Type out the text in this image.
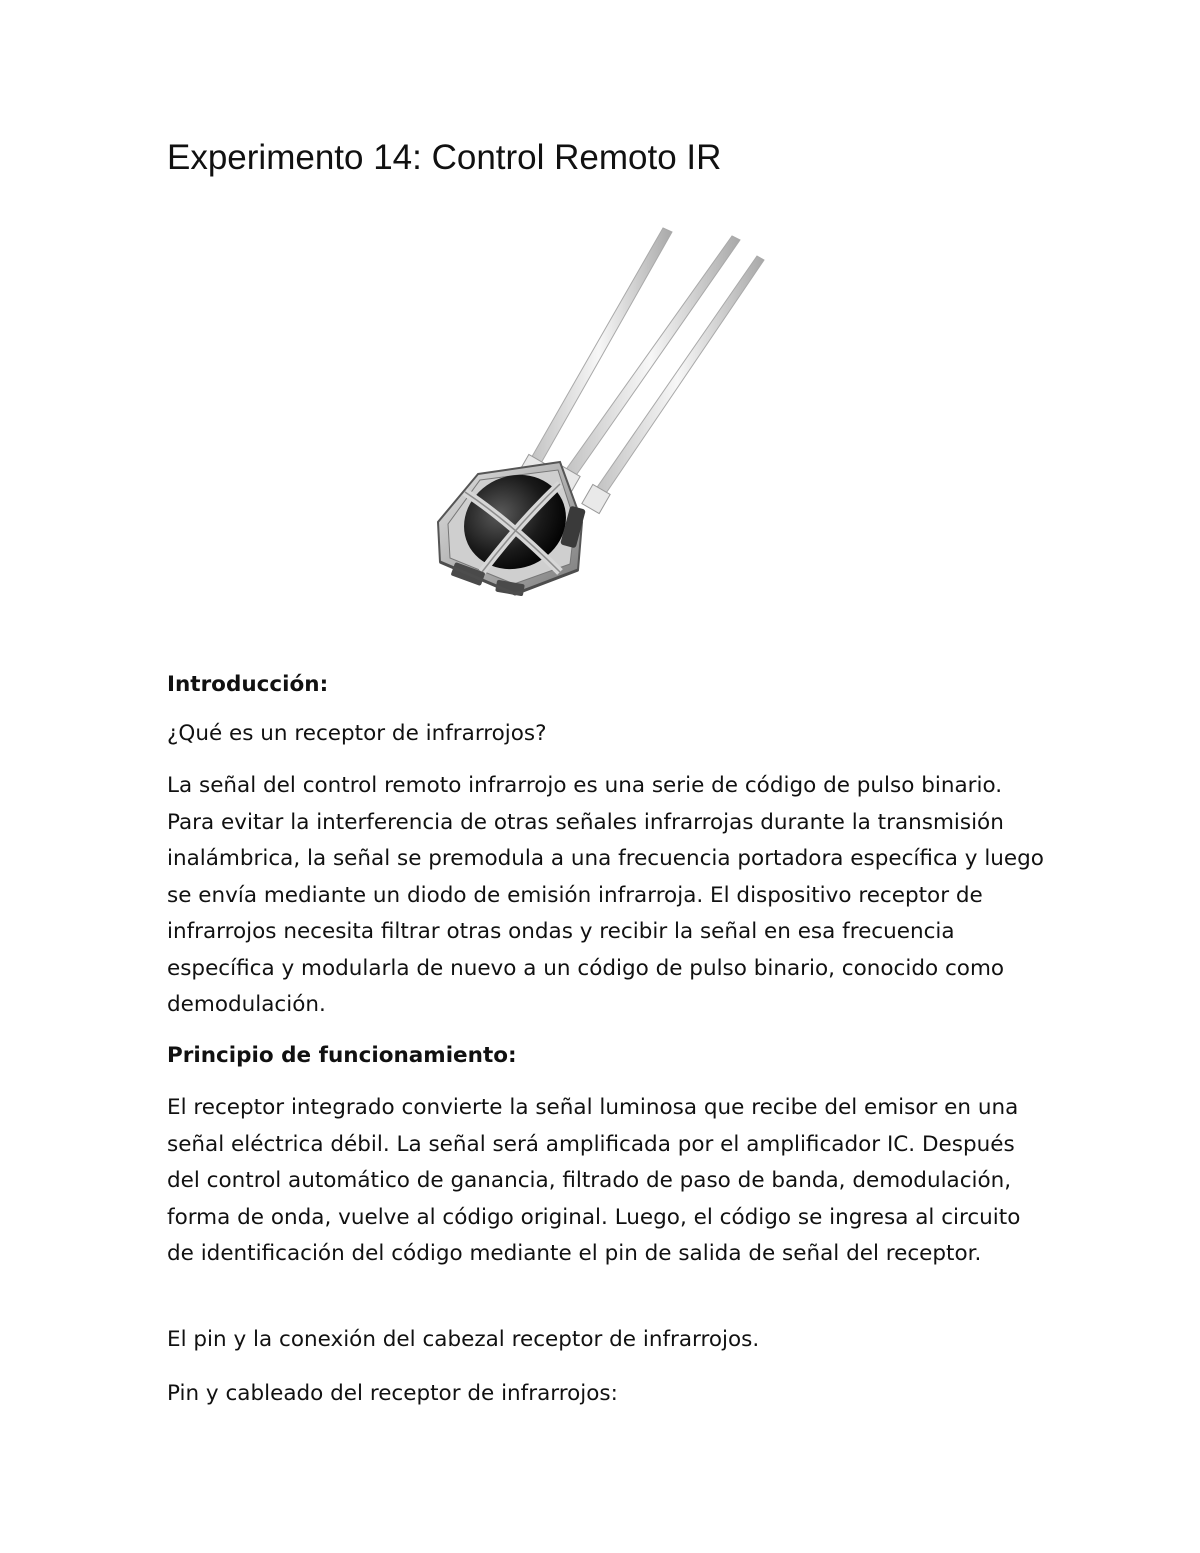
Experimento 14: Control Remoto IR

Introducción:

¿Qué es un receptor de infrarrojos?

La señal del control remoto infrarrojo es una serie de código de pulso binario. Para evitar la interferencia de otras señales infrarrojas durante la transmisión inalámbrica, la señal se premodula a una frecuencia portadora específica y luego se envía mediante un diodo de emisión infrarroja. El dispositivo receptor de infrarrojos necesita filtrar otras ondas y recibir la señal en esa frecuencia específica y modularla de nuevo a un código de pulso binario, conocido como demodulación.

Principio de funcionamiento:

El receptor integrado convierte la señal luminosa que recibe del emisor en una señal eléctrica débil. La señal será amplificada por el amplificador IC. Después del control automático de ganancia, filtrado de paso de banda, demodulación, forma de onda, vuelve al código original. Luego, el código se ingresa al circuito de identificación del código mediante el pin de salida de señal del receptor.

El pin y la conexión del cabezal receptor de infrarrojos.

Pin y cableado del receptor de infrarrojos:
